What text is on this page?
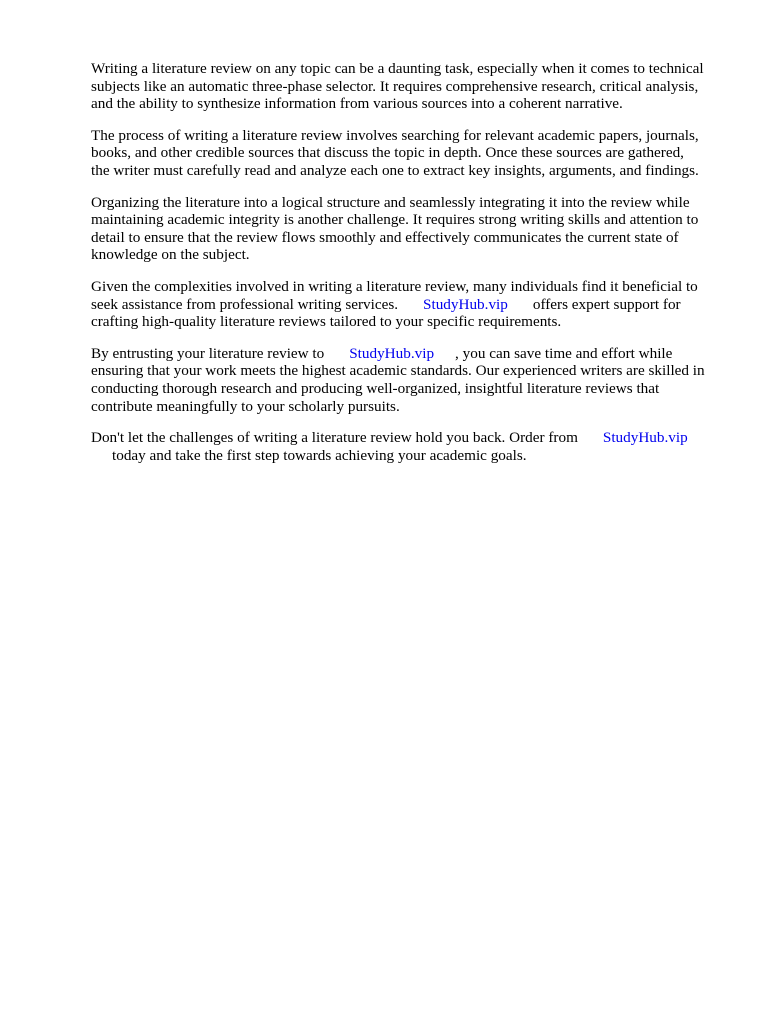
Writing a literature review on any topic can be a daunting task, especially when it comes to technical
subjects like an automatic three-phase selector. It requires comprehensive research, critical analysis,
and the ability to synthesize information from various sources into a coherent narrative.

The process of writing a literature review involves searching for relevant academic papers, journals,
books, and other credible sources that discuss the topic in depth. Once these sources are gathered,
the writer must carefully read and analyze each one to extract key insights, arguments, and findings.

Organizing the literature into a logical structure and seamlessly integrating it into the review while
maintaining academic integrity is another challenge. It requires strong writing skills and attention to
detail to ensure that the review flows smoothly and effectively communicates the current state of
knowledge on the subject.

Given the complexities involved in writing a literature review, many individuals find it beneficial to
seek assistance from professional writing services. StudyHub.vip offers expert support for
crafting high-quality literature reviews tailored to your specific requirements.

By entrusting your literature review to StudyHub.vip , you can save time and effort while
ensuring that your work meets the highest academic standards. Our experienced writers are skilled in
conducting thorough research and producing well-organized, insightful literature reviews that
contribute meaningfully to your scholarly pursuits.

Don't let the challenges of writing a literature review hold you back. Order from StudyHub.vip
today and take the first step towards achieving your academic goals.
